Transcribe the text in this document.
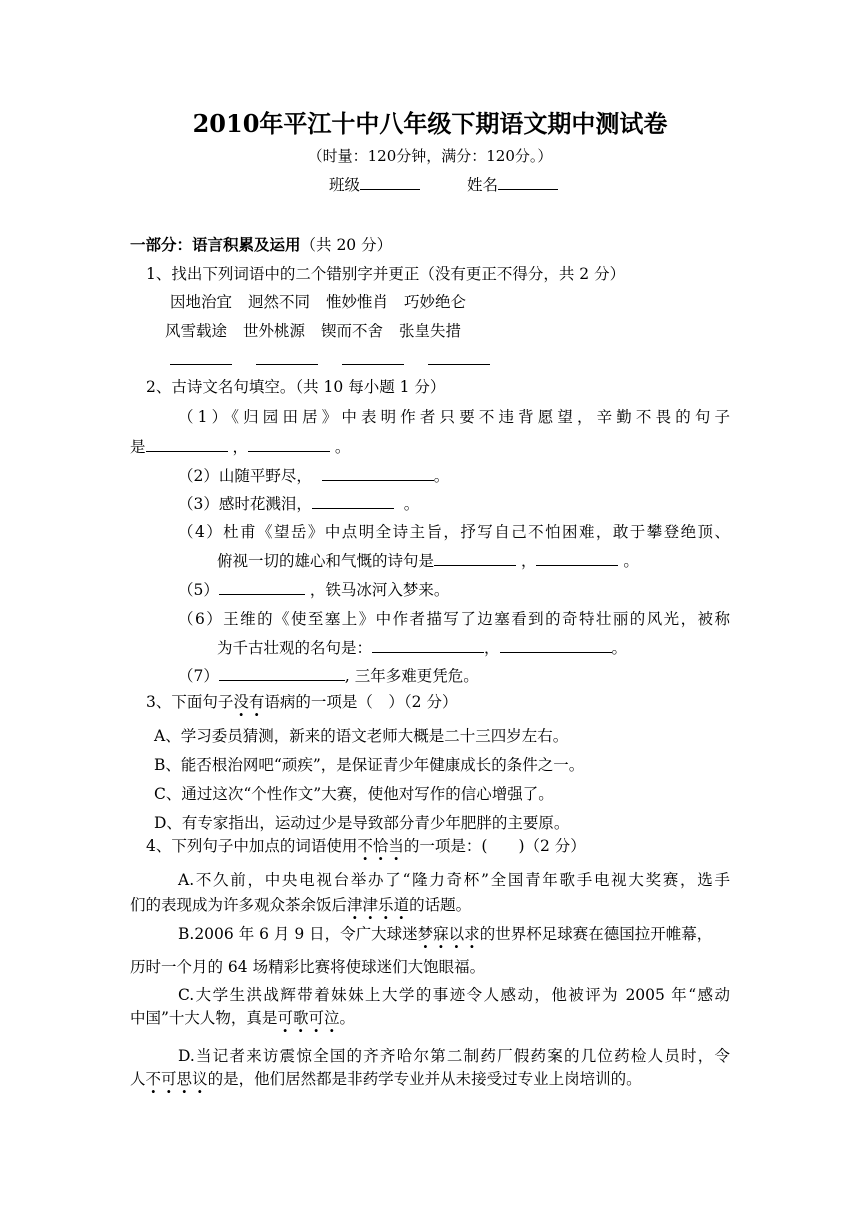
2010年平江十中八年级下期语文期中测试卷
（时量：120分钟，满分：120分。）
班级	姓名
一部分：语言积累及运用（共 20 分）
1、找出下列词语中的二个错别字并更正（没有更正不得分，共 2 分）
因地治宜 迥然不同 惟妙惟肖 巧妙绝仑
风雪载途 世外桃源 锲而不舍 张皇失措
2、古诗文名句填空。（共 10 每小题 1 分）
（1）《归园田居》中表明作者只要不违背愿望，辛勤不畏的句子
是	，	。
（2）山随平野尽，	。
（3）感时花溅泪，	。
（4）杜甫《望岳》中点明全诗主旨，抒写自己不怕困难，敢于攀登绝顶、
俯视一切的雄心和气慨的诗句是	，	。
（5）	，铁马冰河入梦来。
（6）王维的《使至塞上》中作者描写了边塞看到的奇特壮丽的风光，被称
为千古壮观的名句是：	，	。
（7）	, 三年多难更凭危。
3、下面句子没有语病的一项是（　）（2 分）
A、学习委员猜测，新来的语文老师大概是二十三四岁左右。
B、能否根治网吧“顽疾”，是保证青少年健康成长的条件之一。
C、通过这次“个性作文”大赛，使他对写作的信心增强了。
D、有专家指出，运动过少是导致部分青少年肥胖的主要原。
4、下列句子中加点的词语使用不恰当的一项是：(　　)（2 分）
A.不久前，中央电视台举办了“隆力奇杯”全国青年歌手电视大奖赛，选手
们的表现成为许多观众茶余饭后津津乐道的话题。
B.2006 年 6 月 9 日，令广大球迷梦寐以求的世界杯足球赛在德国拉开帷幕，
历时一个月的 64 场精彩比赛将使球迷们大饱眼福。
C.大学生洪战辉带着妹妹上大学的事迹令人感动，他被评为 2005 年“感动
中国”十大人物，真是可歌可泣。
D.当记者来访震惊全国的齐齐哈尔第二制药厂假药案的几位药检人员时，令
人不可思议的是，他们居然都是非药学专业并从未接受过专业上岗培训的。
